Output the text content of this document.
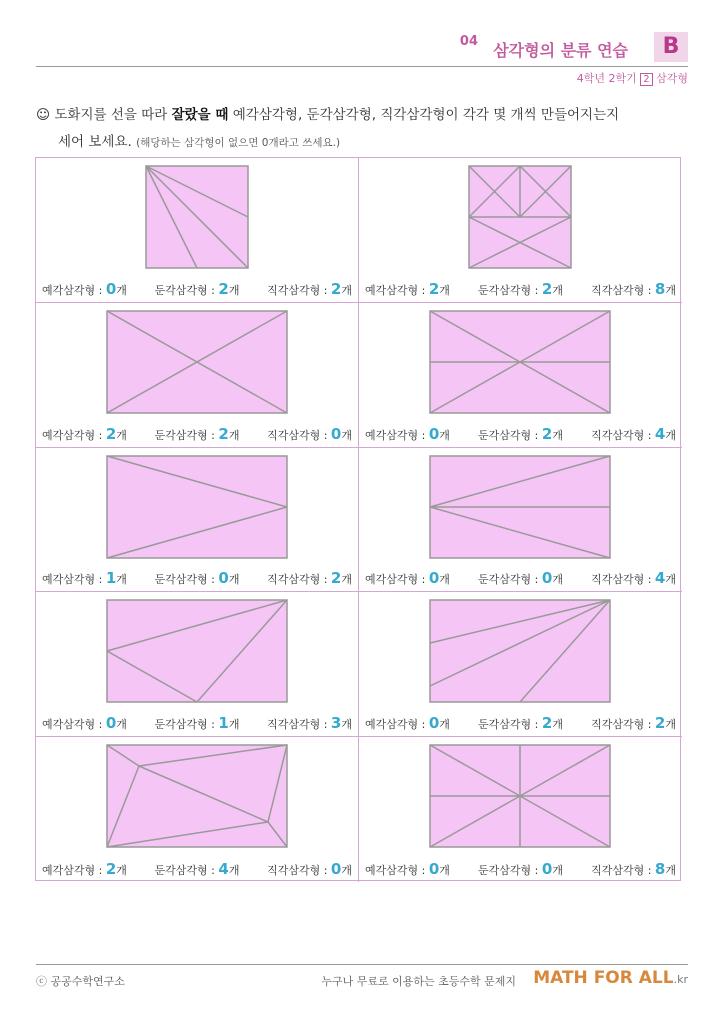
04 삼각형의 분류 연습	B
4학년 2학기 2 삼각형
☺ 도화지를 선을 따라 잘랐을 때 예각삼각형, 둔각삼각형, 직각삼각형이 각각 몇 개씩 만들어지는지
세어 보세요. (해당하는 삼각형이 없으면 0개라고 쓰세요.)
예각삼각형 : 0개	둔각삼각형 : 2개	직각삼각형 : 2개 예각삼각형 : 2개	둔각삼각형 : 2개	직각삼각형 : 8개
예각삼각형 : 2개	둔각삼각형 : 2개	직각삼각형 : 0개 예각삼각형 : 0개	둔각삼각형 : 2개	직각삼각형 : 4개
예각삼각형 : 1개	둔각삼각형 : 0개	직각삼각형 : 2개 예각삼각형 : 0개	둔각삼각형 : 0개	직각삼각형 : 4개
예각삼각형 : 0개	둔각삼각형 : 1개	직각삼각형 : 3개 예각삼각형 : 0개	둔각삼각형 : 2개	직각삼각형 : 2개
예각삼각형 : 2개	둔각삼각형 : 4개	직각삼각형 : 0개 예각삼각형 : 0개	둔각삼각형 : 0개	직각삼각형 : 8개
ⓒ 공공수학연구소	누구나 무료로 이용하는 초등수학 문제지 MATH FOR ALL.kr
